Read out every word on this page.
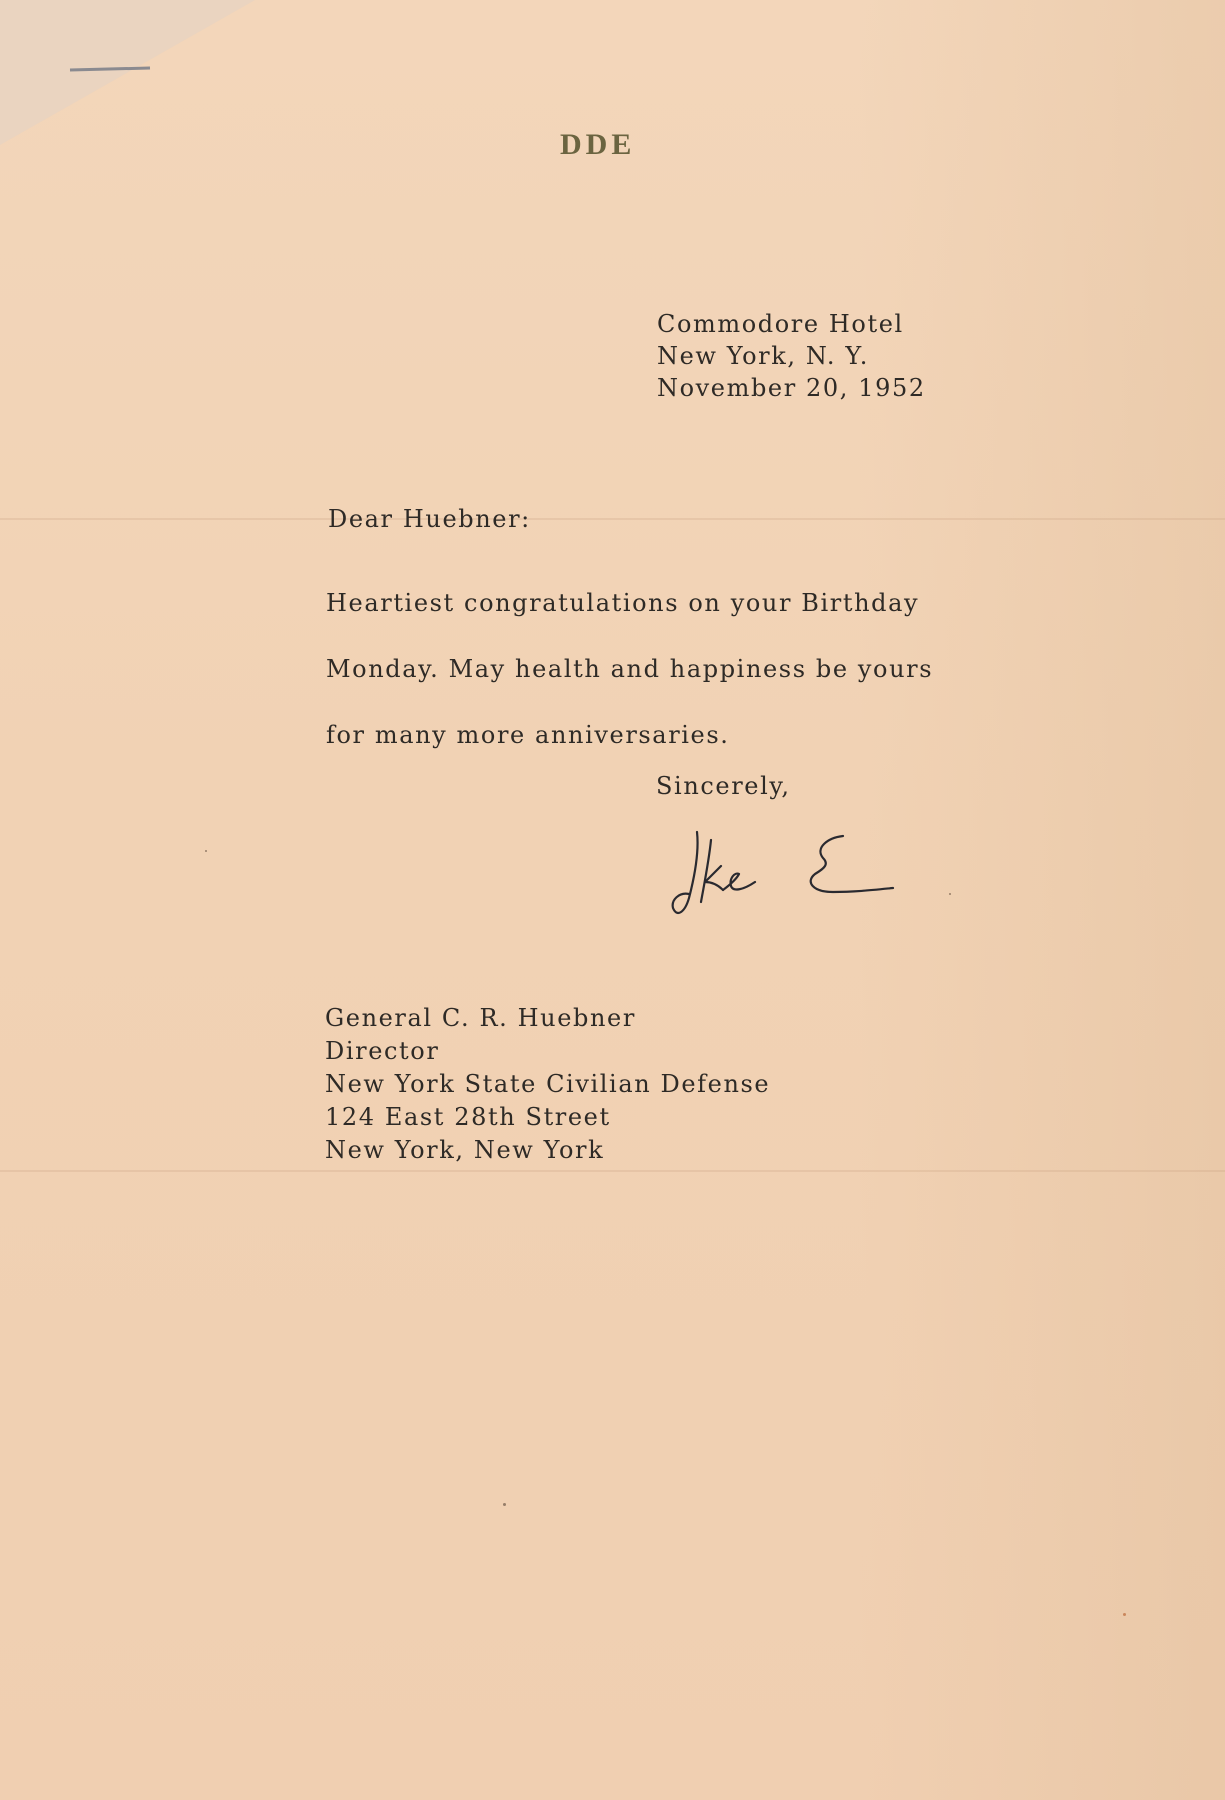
DDE
Commodore Hotel
New York, N. Y.
November 20, 1952
Dear Huebner:
Heartiest congratulations on your Birthday
Monday. May health and happiness be yours
for many more anniversaries.
Sincerely,
General C. R. Huebner
Director
New York State Civilian Defense
124 East 28th Street
New York, New York
